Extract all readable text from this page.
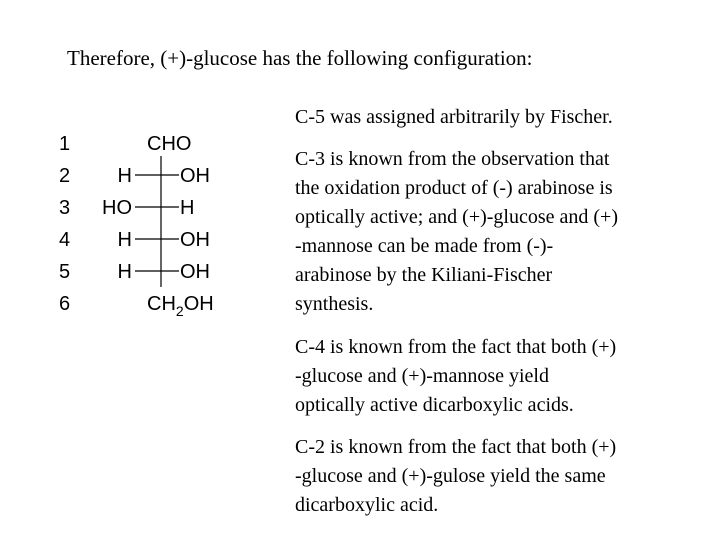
Therefore, (+)-glucose has the following configuration:
1
2
3
4
5
6
CHO
H OH
HO H
H OH
H OH
$CH_2OH$
C-5 was assigned arbitrarily by Fischer.
C-3 is known from the observation that
the oxidation product of (-) arabinose is
optically active; and (+)-glucose and (+)
-mannose can be made from (-)-
arabinose by the Kiliani-Fischer
synthesis.
C-4 is known from the fact that both (+)
-glucose and (+)-mannose yield
optically active dicarboxylic acids.
C-2 is known from the fact that both (+)
-glucose and (+)-gulose yield the same
dicarboxylic acid.
